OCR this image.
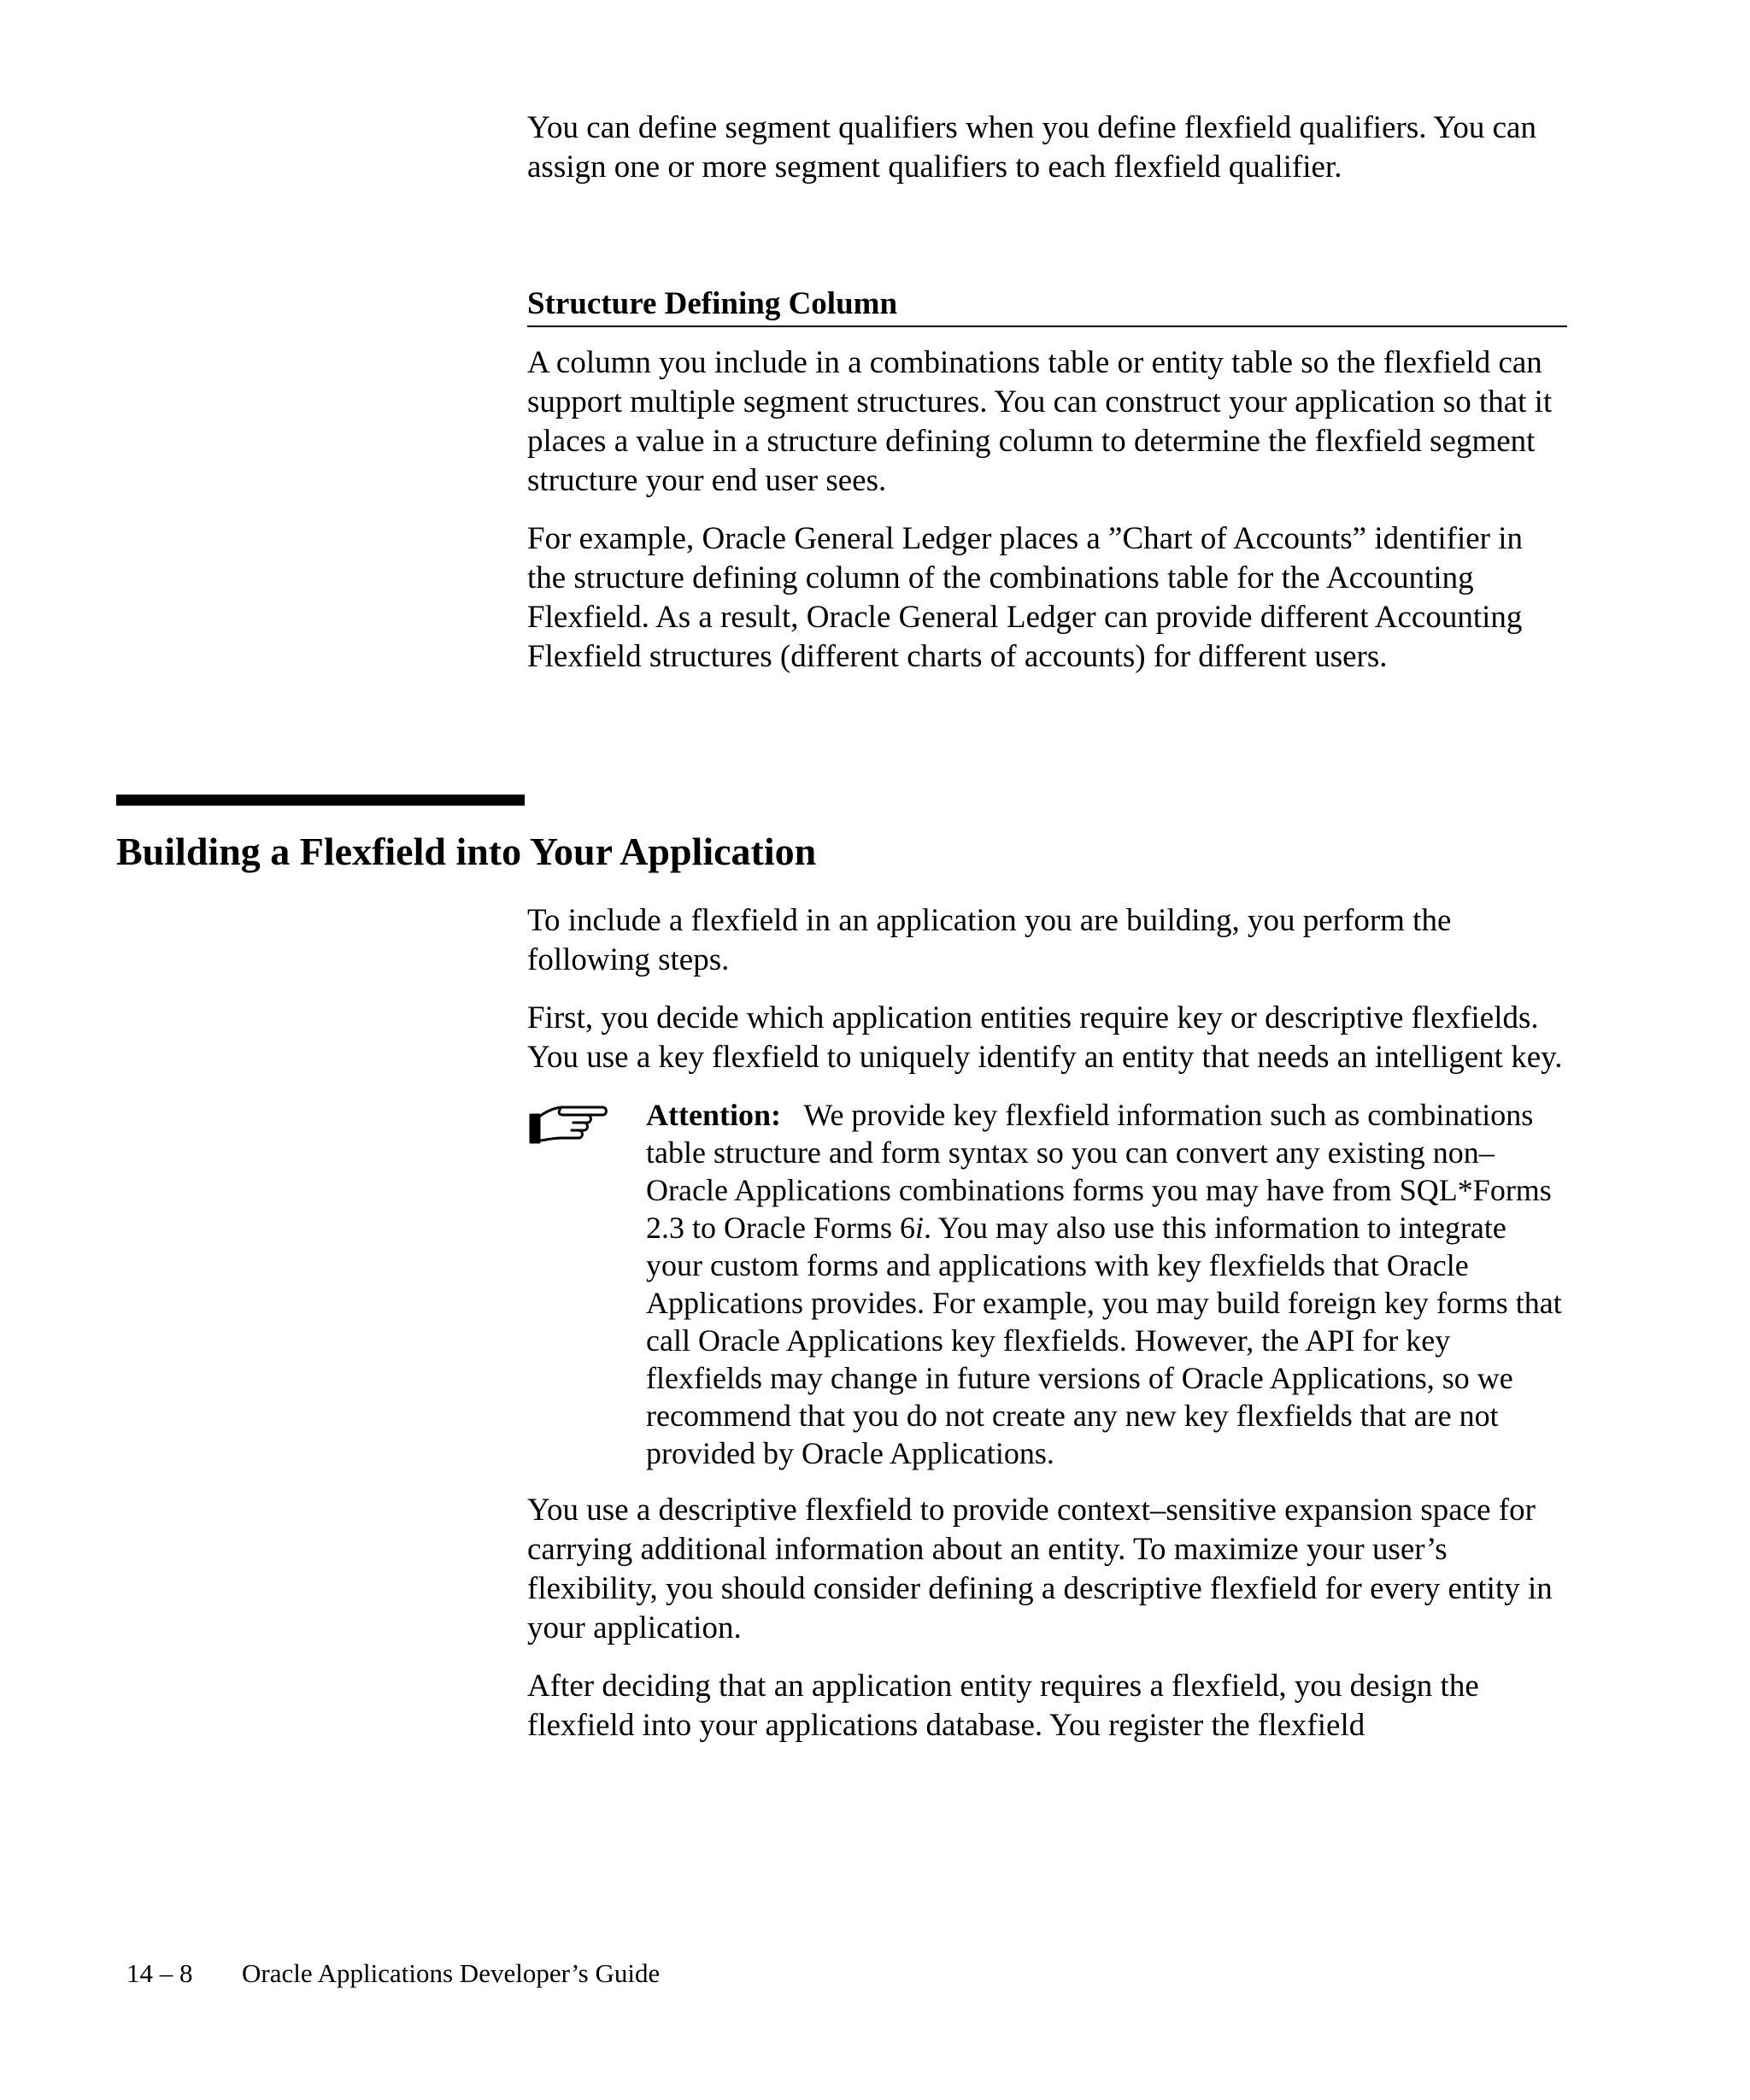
You can define segment qualifiers when you define flexfield qualifiers. You can assign one or more segment qualifiers to each flexfield qualifier.

Structure Defining Column

A column you include in a combinations table or entity table so the flexfield can support multiple segment structures. You can construct your application so that it places a value in a structure defining column to determine the flexfield segment structure your end user sees.

For example, Oracle General Ledger places a ”Chart of Accounts” identifier in the structure defining column of the combinations table for the Accounting Flexfield. As a result, Oracle General Ledger can provide different Accounting Flexfield structures (different charts of accounts) for different users.

Building a Flexfield into Your Application

To include a flexfield in an application you are building, you perform the following steps.

First, you decide which application entities require key or descriptive flexfields. You use a key flexfield to uniquely identify an entity that needs an intelligent key.

Attention: We provide key flexfield information such as combinations table structure and form syntax so you can convert any existing non–Oracle Applications combinations forms you may have from SQL*Forms 2.3 to Oracle Forms 6i. You may also use this information to integrate your custom forms and applications with key flexfields that Oracle Applications provides. For example, you may build foreign key forms that call Oracle Applications key flexfields. However, the API for key flexfields may change in future versions of Oracle Applications, so we recommend that you do not create any new key flexfields that are not provided by Oracle Applications.

You use a descriptive flexfield to provide context–sensitive expansion space for carrying additional information about an entity. To maximize your user’s flexibility, you should consider defining a descriptive flexfield for every entity in your application.

After deciding that an application entity requires a flexfield, you design the flexfield into your applications database. You register the flexfield

14 – 8 Oracle Applications Developer’s Guide
